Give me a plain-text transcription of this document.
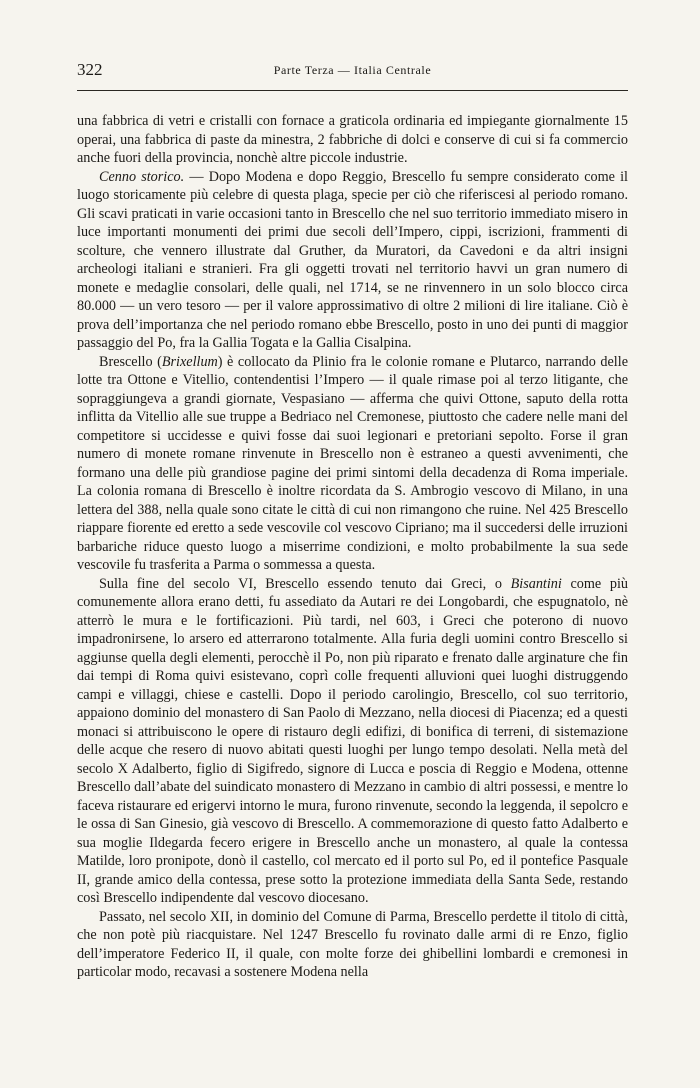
322	Parte Terza — Italia Centrale

una fabbrica di vetri e cristalli con fornace a graticola ordinaria ed impiegante giornalmente 15 operai, una fabbrica di paste da minestra, 2 fabbriche di dolci e conserve di cui si fa commercio anche fuori della provincia, nonchè altre piccole industrie.

Cenno storico. — Dopo Modena e dopo Reggio, Brescello fu sempre considerato come il luogo storicamente più celebre di questa plaga, specie per ciò che riferiscesi al periodo romano. Gli scavi praticati in varie occasioni tanto in Brescello che nel suo territorio immediato misero in luce importanti monumenti dei primi due secoli dell’Impero, cippi, iscrizioni, frammenti di scolture, che vennero illustrate dal Gruther, da Muratori, da Cavedoni e da altri insigni archeologi italiani e stranieri. Fra gli oggetti trovati nel territorio havvi un gran numero di monete e medaglie consolari, delle quali, nel 1714, se ne rinvennero in un solo blocco circa 80.000 — un vero tesoro — per il valore approssimativo di oltre 2 milioni di lire italiane. Ciò è prova dell’importanza che nel periodo romano ebbe Brescello, posto in uno dei punti di maggior passaggio del Po, fra la Gallia Togata e la Gallia Cisalpina.

Brescello (Brixellum) è collocato da Plinio fra le colonie romane e Plutarco, narrando delle lotte tra Ottone e Vitellio, contendentisi l’Impero — il quale rimase poi al terzo litigante, che sopraggiungeva a grandi giornate, Vespasiano — afferma che quivi Ottone, saputo della rotta inflitta da Vitellio alle sue truppe a Bedriaco nel Cremonese, piuttosto che cadere nelle mani del competitore si uccidesse e quivi fosse dai suoi legionari e pretoriani sepolto. Forse il gran numero di monete romane rinvenute in Brescello non è estraneo a questi avvenimenti, che formano una delle più grandiose pagine dei primi sintomi della decadenza di Roma imperiale. La colonia romana di Brescello è inoltre ricordata da S. Ambrogio vescovo di Milano, in una lettera del 388, nella quale sono citate le città di cui non rimangono che ruine. Nel 425 Brescello riappare fiorente ed eretto a sede vescovile col vescovo Cipriano; ma il succedersi delle irruzioni barbariche riduce questo luogo a miserrime condizioni, e molto probabilmente la sua sede vescovile fu trasferita a Parma o sommessa a questa.

Sulla fine del secolo VI, Brescello essendo tenuto dai Greci, o Bisantini come più comunemente allora erano detti, fu assediato da Autari re dei Longobardi, che espugnatolo, nè atterrò le mura e le fortificazioni. Più tardi, nel 603, i Greci che poterono di nuovo impadronirsene, lo arsero ed atterrarono totalmente. Alla furia degli uomini contro Brescello si aggiunse quella degli elementi, perocchè il Po, non più riparato e frenato dalle arginature che fin dai tempi di Roma quivi esistevano, coprì colle frequenti alluvioni quei luoghi distruggendo campi e villaggi, chiese e castelli. Dopo il periodo carolingio, Brescello, col suo territorio, appaiono dominio del monastero di San Paolo di Mezzano, nella diocesi di Piacenza; ed a questi monaci si attribuiscono le opere di ristauro degli edifizi, di bonifica di terreni, di sistemazione delle acque che resero di nuovo abitati questi luoghi per lungo tempo desolati. Nella metà del secolo X Adalberto, figlio di Sigifredo, signore di Lucca e poscia di Reggio e Modena, ottenne Brescello dall’abate del suindicato monastero di Mezzano in cambio di altri possessi, e mentre lo faceva ristaurare ed erigervi intorno le mura, furono rinvenute, secondo la leggenda, il sepolcro e le ossa di San Ginesio, già vescovo di Brescello. A commemorazione di questo fatto Adalberto e sua moglie Ildegarda fecero erigere in Brescello anche un monastero, al quale la contessa Matilde, loro pronipote, donò il castello, col mercato ed il porto sul Po, ed il pontefice Pasquale II, grande amico della contessa, prese sotto la protezione immediata della Santa Sede, restando così Brescello indipendente dal vescovo diocesano.

Passato, nel secolo XII, in dominio del Comune di Parma, Brescello perdette il titolo di città, che non potè più riacquistare. Nel 1247 Brescello fu rovinato dalle armi di re Enzo, figlio dell’imperatore Federico II, il quale, con molte forze dei ghibellini lombardi e cremonesi in particolar modo, recavasi a sostenere Modena nella
